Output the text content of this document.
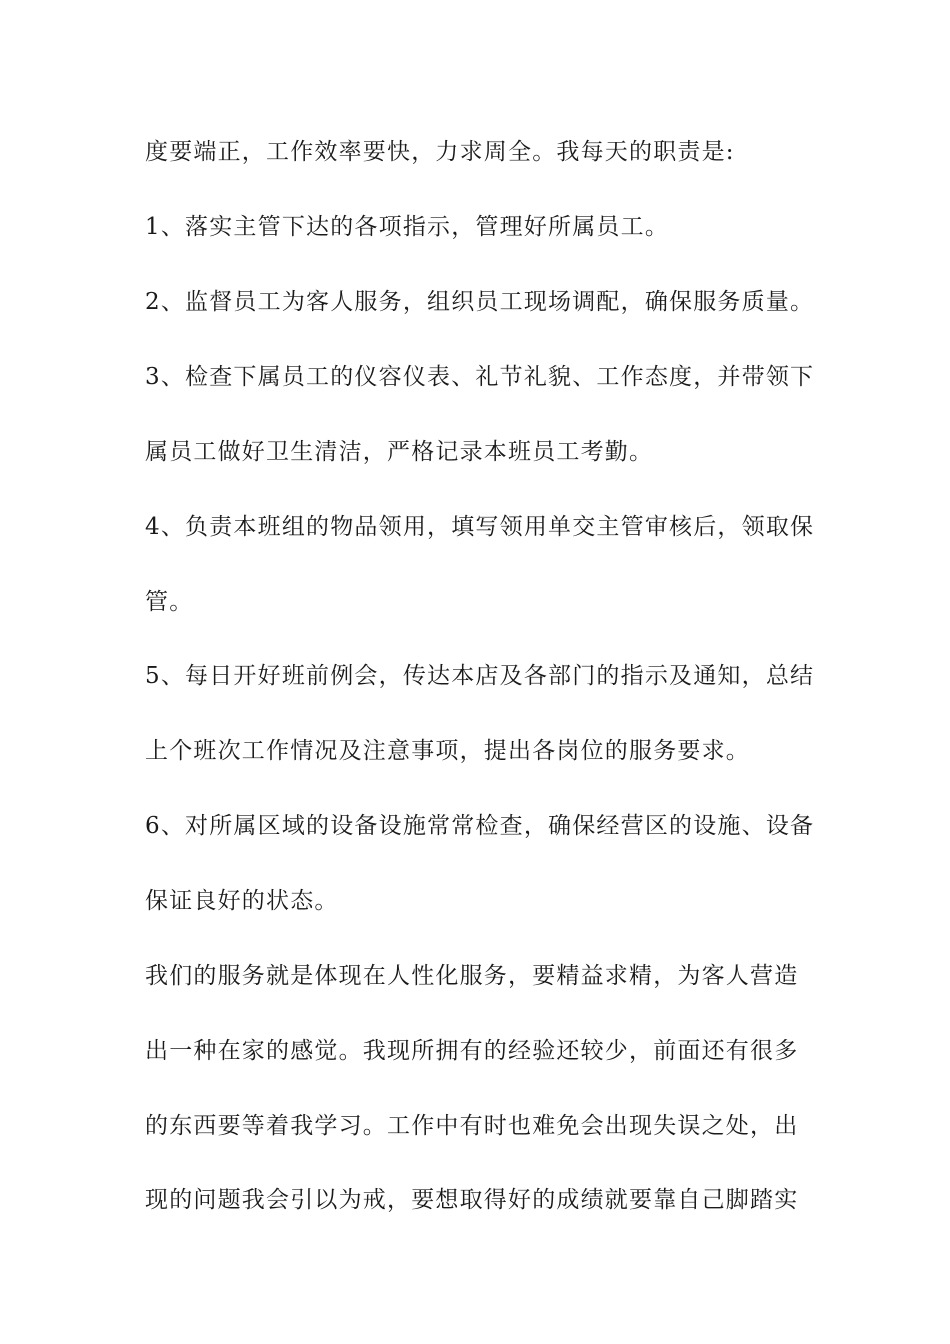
度要端正，工作效率要快，力求周全。我每天的职责是:
1、落实主管下达的各项指示，管理好所属员工。
2、监督员工为客人服务，组织员工现场调配，确保服务质量。
3、检查下属员工的仪容仪表、礼节礼貌、工作态度，并带领下
属员工做好卫生清洁，严格记录本班员工考勤。
4、负责本班组的物品领用，填写领用单交主管审核后，领取保
管。
5、每日开好班前例会，传达本店及各部门的指示及通知，总结
上个班次工作情况及注意事项，提出各岗位的服务要求。
6、对所属区域的设备设施常常检查，确保经营区的设施、设备
保证良好的状态。
我们的服务就是体现在人性化服务，要精益求精，为客人营造
出一种在家的感觉。我现所拥有的经验还较少，前面还有很多
的东西要等着我学习。工作中有时也难免会出现失误之处，出
现的问题我会引以为戒，要想取得好的成绩就要靠自己脚踏实
